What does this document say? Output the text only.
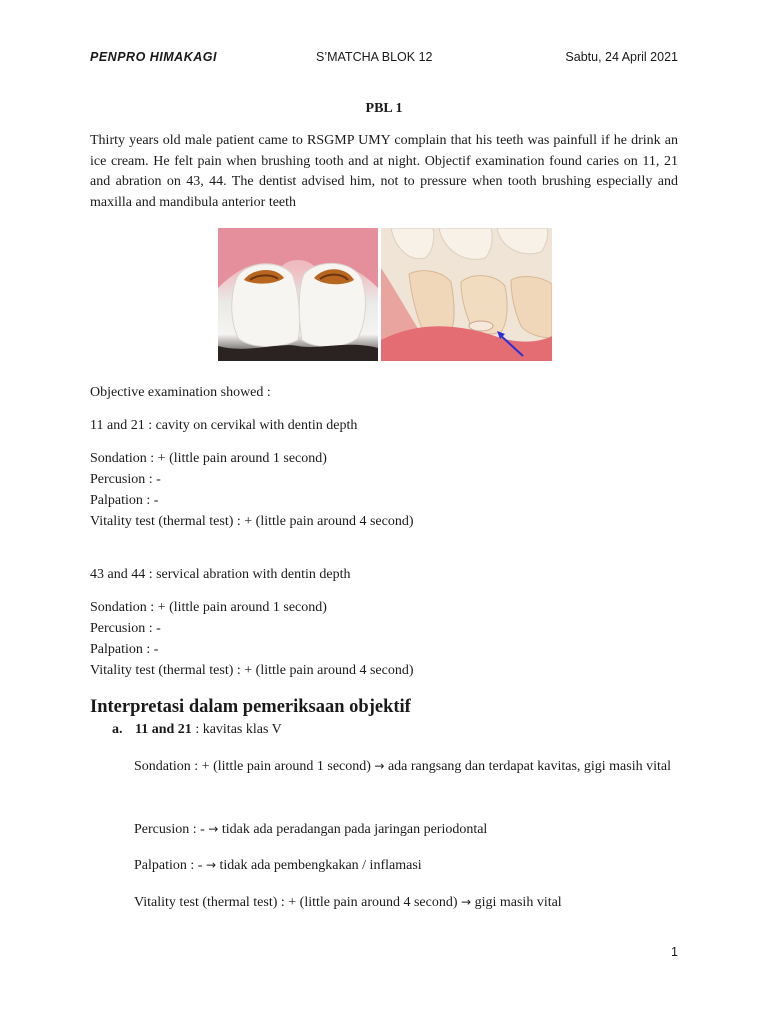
PENPRO HIMAKAGI	S’MATCHA BLOK 12	Sabtu, 24 April 2021
PBL 1

Thirty years old male patient came to RSGMP UMY complain that his teeth was painfull if he drink an ice cream. He felt pain when brushing tooth and at night. Objectif examination found caries on 11, 21 and abration on 43, 44. The dentist advised him, not to pressure when tooth brushing especially and maxilla and mandibula anterior teeth

Objective examination showed :

11 and 21 : cavity on cervikal with dentin depth

Sondation : + (little pain around 1 second)

Percusion : -

Palpation : -

Vitality test (thermal test) : + (little pain around 4 second)

43 and 44 : servical abration with dentin depth

Sondation : + (little pain around 1 second)

Percusion : -

Palpation : -

Vitality test (thermal test) : + (little pain around 4 second)

Interpretasi dalam pemeriksaan objektif
a. 11 and 21 : kavitas klas V

Sondation : + (little pain around 1 second) → ada rangsang dan terdapat kavitas, gigi masih vital

Percusion : - → tidak ada peradangan pada jaringan periodontal

Palpation : - → tidak ada pembengkakan / inflamasi

Vitality test (thermal test) : + (little pain around 4 second) → gigi masih vital

1
